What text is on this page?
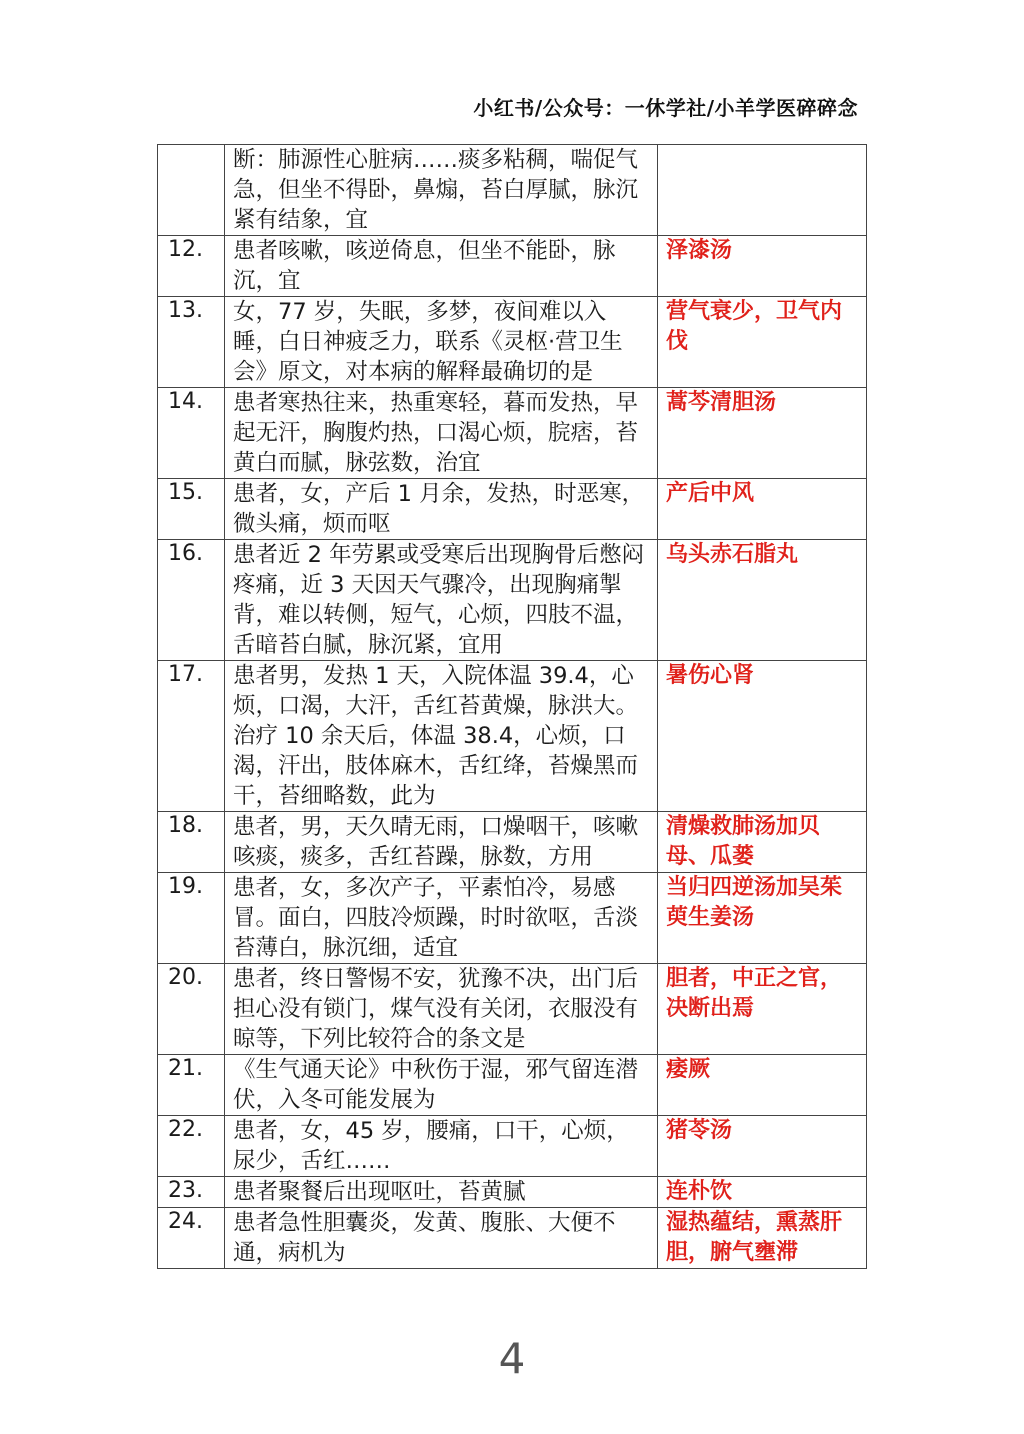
小红书/公众号：一休学社/小羊学医碎碎念
	断：肺源性心脏病……痰多粘稠，喘促气急，但坐不得卧，鼻煽，苔白厚腻，脉沉紧有结象，宜	
12.	患者咳嗽，咳逆倚息，但坐不能卧，脉沉，宜	泽漆汤
13.	女，77 岁，失眠，多梦，夜间难以入睡，白日神疲乏力，联系《灵枢·营卫生会》原文，对本病的解释最确切的是	营气衰少，卫气内伐
14.	患者寒热往来，热重寒轻，暮而发热，早起无汗，胸腹灼热，口渴心烦，脘痞，苔黄白而腻，脉弦数，治宜	蒿芩清胆汤
15.	患者，女，产后 1 月余，发热，时恶寒，微头痛，烦而呕	产后中风
16.	患者近 2 年劳累或受寒后出现胸骨后憋闷疼痛，近 3 天因天气骤冷，出现胸痛掣背，难以转侧，短气，心烦，四肢不温，舌暗苔白腻，脉沉紧，宜用	乌头赤石脂丸
17.	患者男，发热 1 天，入院体温 39.4，心烦，口渴，大汗，舌红苔黄燥，脉洪大。治疗 10 余天后，体温 38.4，心烦，口渴，汗出，肢体麻木，舌红绛，苔燥黑而干，苔细略数，此为	暑伤心肾
18.	患者，男，天久晴无雨，口燥咽干，咳嗽咳痰，痰多，舌红苔躁，脉数，方用	清燥救肺汤加贝母、瓜蒌
19.	患者，女，多次产子，平素怕冷，易感冒。面白，四肢冷烦躁，时时欲呕，舌淡苔薄白，脉沉细，适宜	当归四逆汤加吴茱萸生姜汤
20.	患者，终日警惕不安，犹豫不决，出门后担心没有锁门，煤气没有关闭，衣服没有晾等，下列比较符合的条文是	胆者，中正之官，决断出焉
21.	《生气通天论》中秋伤于湿，邪气留连潜伏，入冬可能发展为	痿厥
22.	患者，女，45 岁，腰痛，口干，心烦，尿少，舌红……	猪苓汤
23.	患者聚餐后出现呕吐，苔黄腻	连朴饮
24.	患者急性胆囊炎，发黄、腹胀、大便不通，病机为	湿热蕴结，熏蒸肝胆，腑气壅滞
4
